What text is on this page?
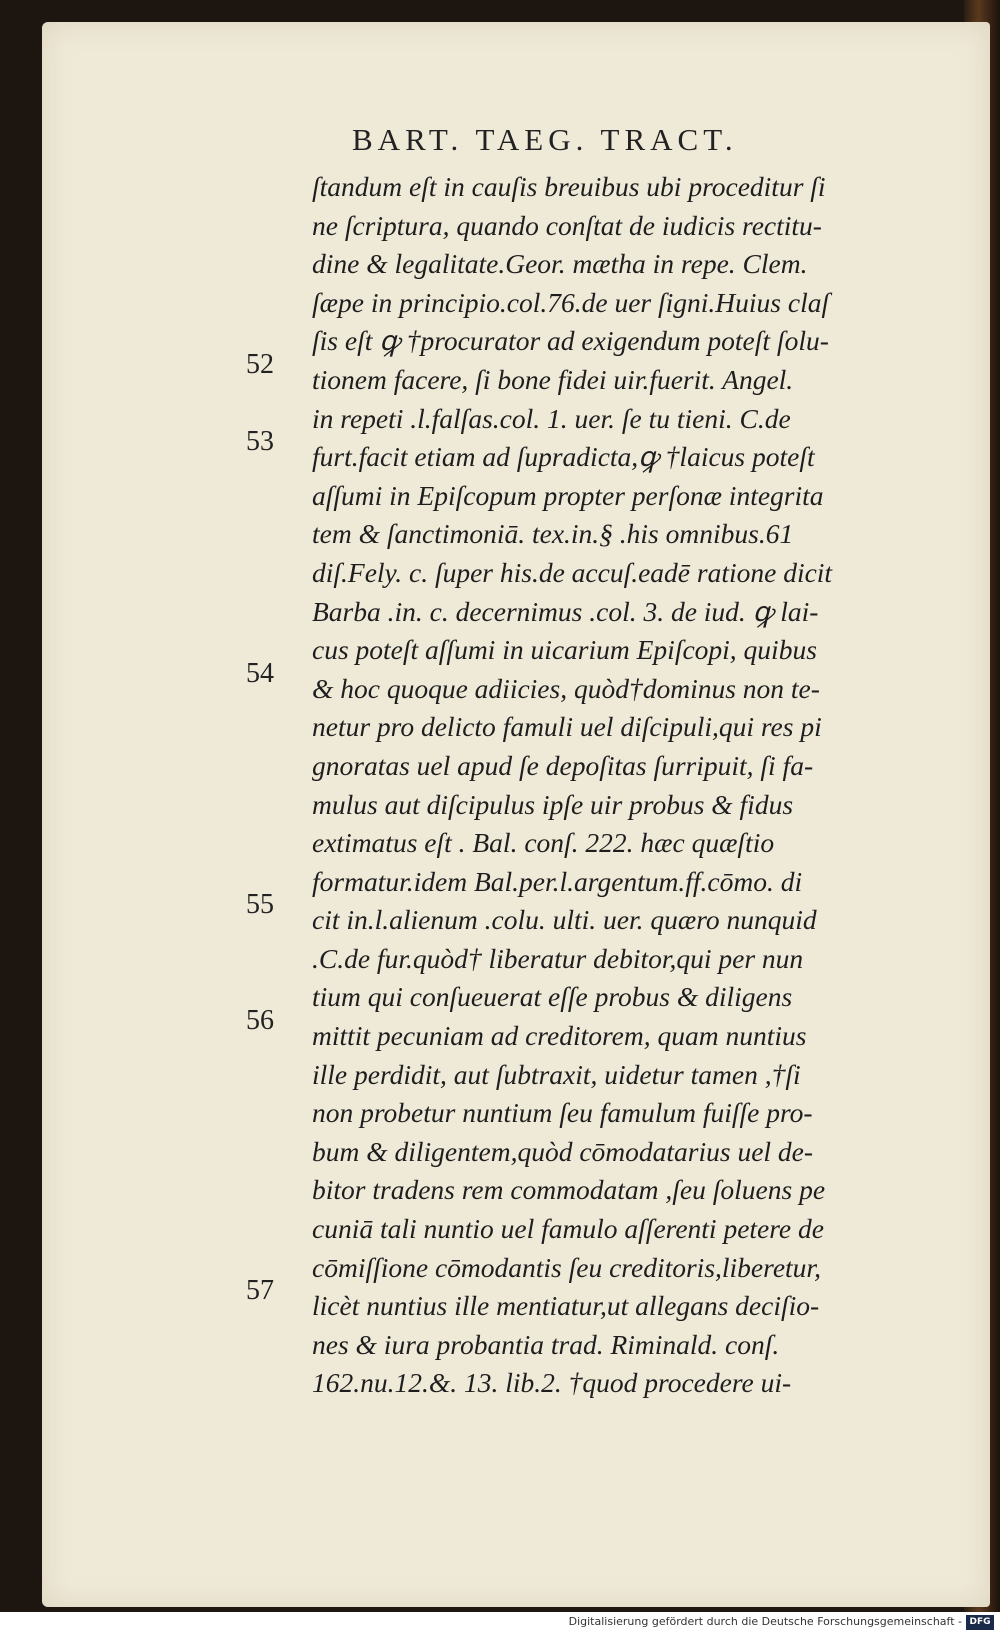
BART. TAEG. TRACT.
ſtandum eſt in cauſis breuibus ubi proceditur ſi
ne ſcriptura, quando conſtat de iudicis rectitu-
dine & legalitate.Geor. mætha in repe. Clem.
ſæpe in principio.col.76.de uer ſigni.Huius claſ
ſis eſt ꝙ †procurator ad exigendum poteſt ſolu-
tionem facere, ſi bone fidei uir.fuerit. Angel.
in repeti .l.falſas.col. 1. uer. ſe tu tieni. C.de
furt.facit etiam ad ſupradicta,ꝙ †laicus poteſt
aſſumi in Epiſcopum propter perſonæ integrita
tem & ſanctimoniā. tex.in.§ .his omnibus.61
diſ.Fely. c. ſuper his.de accuſ.eadē ratione dicit
Barba .in. c. decernimus .col. 3. de iud. ꝙ lai-
cus poteſt aſſumi in uicarium Epiſcopi, quibus
& hoc quoque adiicies, quòd†dominus non te-
netur pro delicto famuli uel diſcipuli,qui res pi
gnoratas uel apud ſe depoſitas ſurripuit, ſi fa-
mulus aut diſcipulus ipſe uir probus & fidus
extimatus eſt . Bal. conſ. 222. hæc quæſtio
formatur.idem Bal.per.l.argentum.ff.cōmo. di
cit in.l.alienum .colu. ulti. uer. quæro nunquid
.C.de fur.quòd† liberatur debitor,qui per nun
tium qui conſueuerat eſſe probus & diligens
mittit pecuniam ad creditorem, quam nuntius
ille perdidit, aut ſubtraxit, uidetur tamen ,†ſi
non probetur nuntium ſeu famulum fuiſſe pro-
bum & diligentem,quòd cōmodatarius uel de-
bitor tradens rem commodatam ,ſeu ſoluens pe
cuniā tali nuntio uel famulo aſſerenti petere de
cōmiſſione cōmodantis ſeu creditoris,liberetur,
licèt nuntius ille mentiatur,ut allegans deciſio-
nes & iura probantia trad. Riminald. conſ.
162.nu.12.&. 13. lib.2. †quod procedere ui-
52
53
54
55
56
57
Digitalisierung gefördert durch die Deutsche Forschungsgemeinschaft - DFG
